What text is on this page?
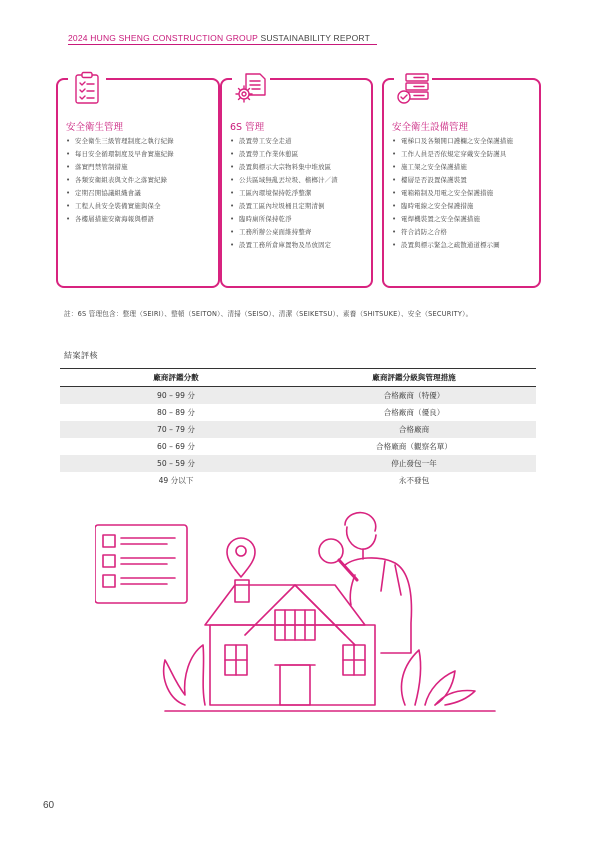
2024 HUNG SHENG CONSTRUCTION GROUP SUSTAINABILITY REPORT
安全衛生管理
• 安全衛生三級管理制度之執行紀錄
• 每日安全循環制度及早會實施紀錄
• 落實門禁管制措施
• 各類安衛組表與文件之落實紀錄
• 定期召開協議組織會議
• 工程人員安全裝備實施與保全
• 各樓層措施安衛海報與標語
6S 管理
• 設置勞工安全走道
• 設置勞工作業休憩區
• 設置與標示大宗物料集中堆放區
• 公共區域無亂丟垃圾、檳榔汁／渣
• 工區內環境保持乾淨整潔
• 設置工區內垃圾桶且定期清倒
• 臨時廁所保持乾淨
• 工務所辦公桌面維持整齊
• 設置工務所倉庫置物及吊放固定
安全衛生設備管理
• 電梯口及各類開口護欄之安全保護措施
• 工作人員是否依規定穿戴安全防護具
• 施工架之安全保護措施
• 樓層是否設置保護裝置
• 電箱箱制及用電之安全保護措施
• 臨時電線之安全保護措施
• 電焊機裝置之安全保護措施
• 符合消防之合格
• 設置與標示緊急之疏散通道標示圖
註：6S 管理包含：整理（SEIRI）、整頓（SEITON）、清掃（SEISO）、清潔（SEIKETSU）、素養（SHITSUKE）、安全（SECURITY）。
結案評核
廠商評鑑分數	廠商評鑑分級與管理措施
90 – 99 分	合格廠商（特優）
80 – 89 分	合格廠商（優良）
70 – 79 分	合格廠商
60 – 69 分	合格廠商（觀察名單）
50 – 59 分	停止發包一年
49 分以下	永不發包
60
